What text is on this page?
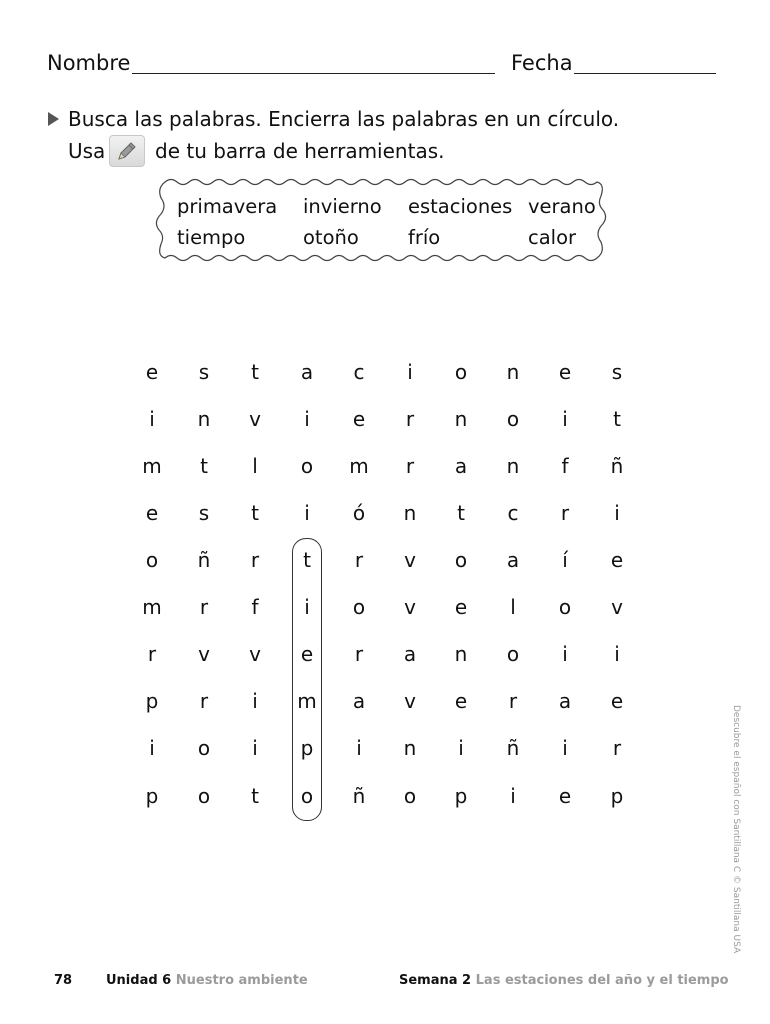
Nombre	Fecha
Busca las palabras. Encierra las palabras en un círculo.
Usa de tu barra de herramientas.
primavera invierno estaciones verano
tiempo	otoño	frío	calor
e	s	t	a	c	i	o	n	e	s
i	n	v	i	e	r	n	o	i	t
m	t	l	o	m	r	a	n	f	ñ
e	s	t	i	ó	n	t	c	r	i
o	ñ	r	t	r	v	o	a	í	e
m	r	f	i	o	v	e	l	o	v
r	v	v	e	r	a	n	o	i	i
p	r	i	m	a	v	e	r	a	e
i	o	i	p	i	n	i	ñ	i	r
p	o	t	o	ñ	o	p	i	e	p	Descubre el español con Santillana C © Santillana USA
78	Unidad 6 Nuestro ambiente	Semana 2 Las estaciones del año y el tiempo
